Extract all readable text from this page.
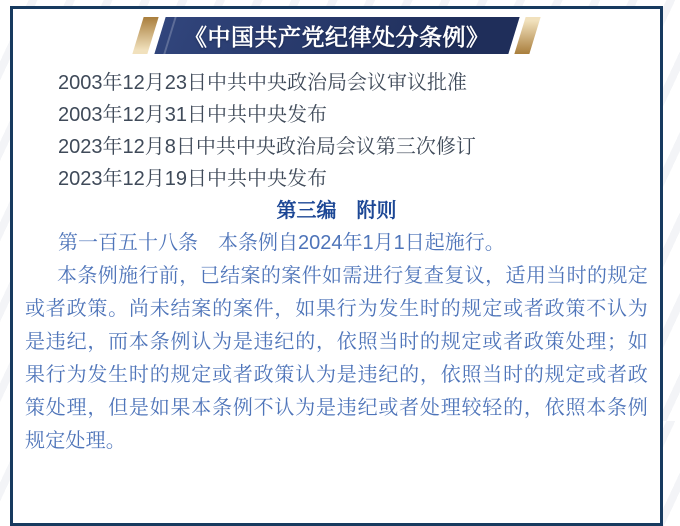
《中国共产党纪律处分条例》
2003年12月23日中共中央政治局会议审议批准
2003年12月31日中共中央发布
2023年12月8日中共中央政治局会议第三次修订
2023年12月19日中共中央发布
第三编　附则
第一百五十八条　本条例自2024年1月1日起施行。

本条例施行前，已结案的案件如需进行复查复议，适用当时的规定或者政策。尚未结案的案件，如果行为发生时的规定或者政策不认为是违纪，而本条例认为是违纪的，依照当时的规定或者政策处理；如果行为发生时的规定或者政策认为是违纪的，依照当时的规定或者政策处理，但是如果本条例不认为是违纪或者处理较轻的，依照本条例规定处理。
